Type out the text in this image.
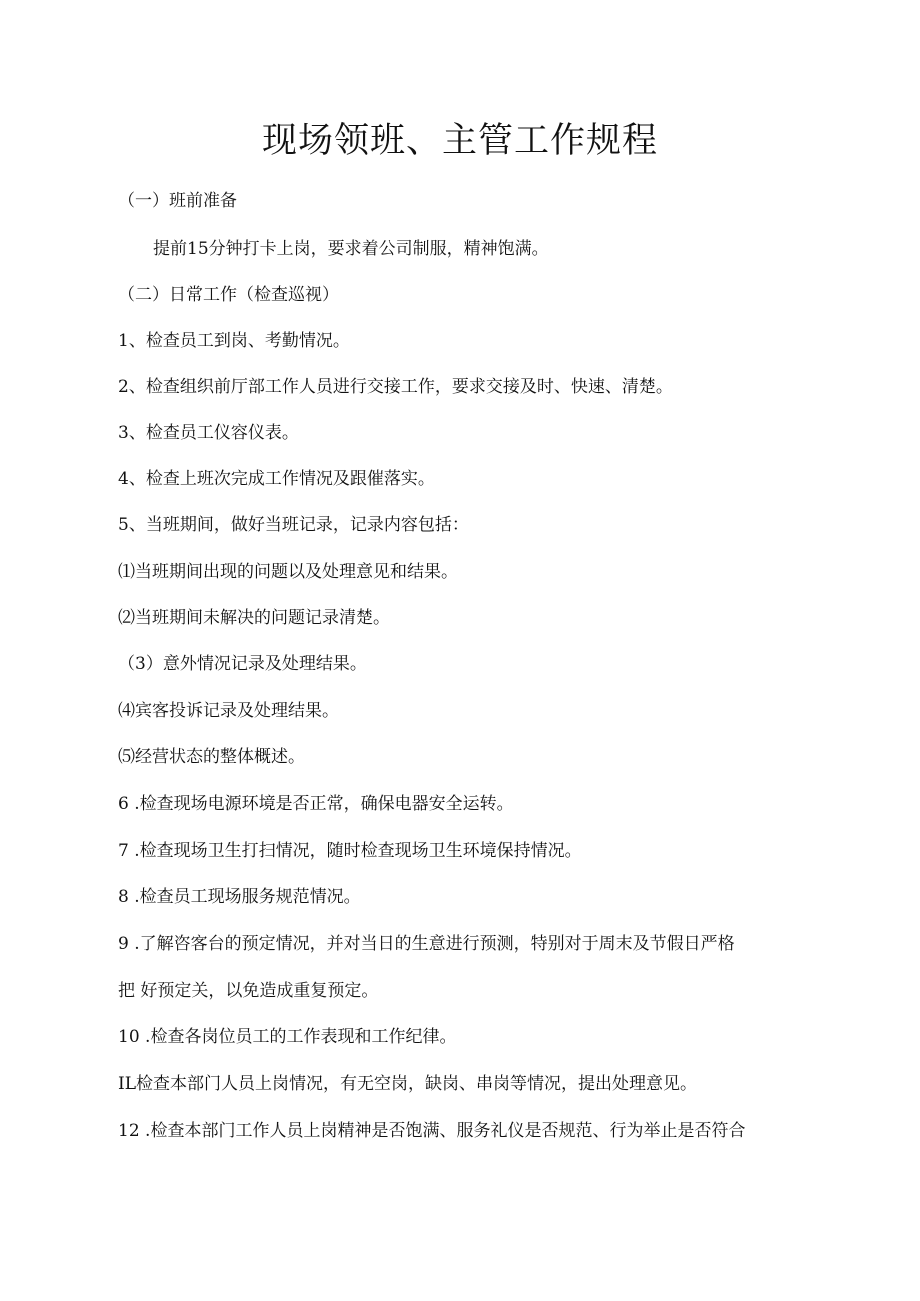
现场领班、主管工作规程
（一）班前准备
提前15分钟打卡上岗，要求着公司制服，精神饱满。
（二）日常工作（检查巡视）
1、检查员工到岗、考勤情况。
2、检查组织前厅部工作人员进行交接工作，要求交接及时、快速、清楚。
3、检查员工仪容仪表。
4、检查上班次完成工作情况及跟催落实。
5、当班期间，做好当班记录，记录内容包括：
⑴当班期间出现的问题以及处理意见和结果。
⑵当班期间未解决的问题记录清楚。
（3）意外情况记录及处理结果。
⑷宾客投诉记录及处理结果。
⑸经营状态的整体概述。
6 .检查现场电源环境是否正常，确保电器安全运转。
7 .检查现场卫生打扫情况，随时检查现场卫生环境保持情况。
8 .检查员工现场服务规范情况。
9 .了解咨客台的预定情况，并对当日的生意进行预测，特别对于周末及节假日严格
把 好预定关，以免造成重复预定。
10 .检查各岗位员工的工作表现和工作纪律。
IL检查本部门人员上岗情况，有无空岗，缺岗、串岗等情况，提出处理意见。
12 .检查本部门工作人员上岗精神是否饱满、服务礼仪是否规范、行为举止是否符合
